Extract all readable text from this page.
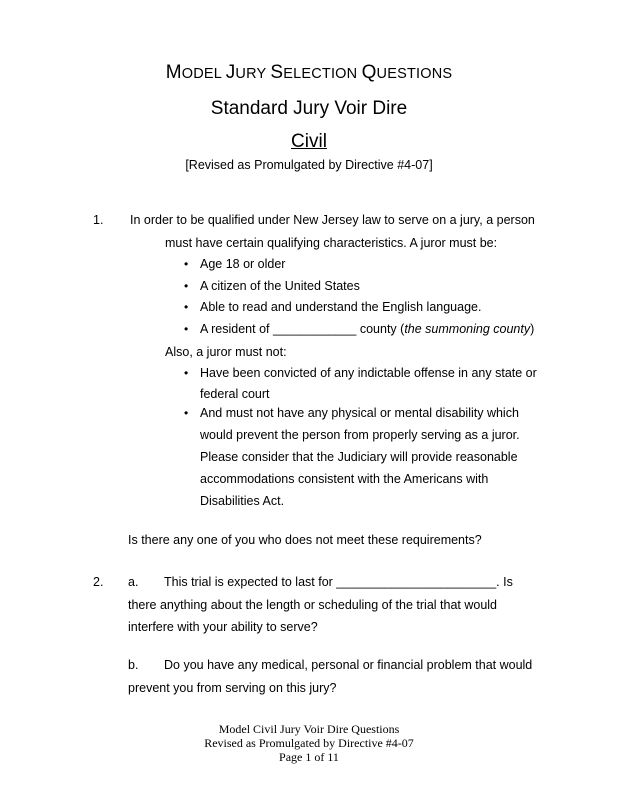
MODEL JURY SELECTION QUESTIONS
Standard Jury Voir Dire
Civil
[Revised as Promulgated by Directive #4-07]
1. In order to be qualified under New Jersey law to serve on a jury, a person
must have certain qualifying characteristics. A juror must be:
• Age 18 or older
• A citizen of the United States
• Able to read and understand the English language.
• A resident of ____________ county (the summoning county)
Also, a juror must not:
• Have been convicted of any indictable offense in any state or
federal court
• And must not have any physical or mental disability which
would prevent the person from properly serving as a juror.
Please consider that the Judiciary will provide reasonable
accommodations consistent with the Americans with
Disabilities Act.
Is there any one of you who does not meet these requirements?
2. a. This trial is expected to last for _______________________. Is
there anything about the length or scheduling of the trial that would
interfere with your ability to serve?
b. Do you have any medical, personal or financial problem that would
prevent you from serving on this jury?
Model Civil Jury Voir Dire Questions
Revised as Promulgated by Directive #4-07
Page 1 of 11
